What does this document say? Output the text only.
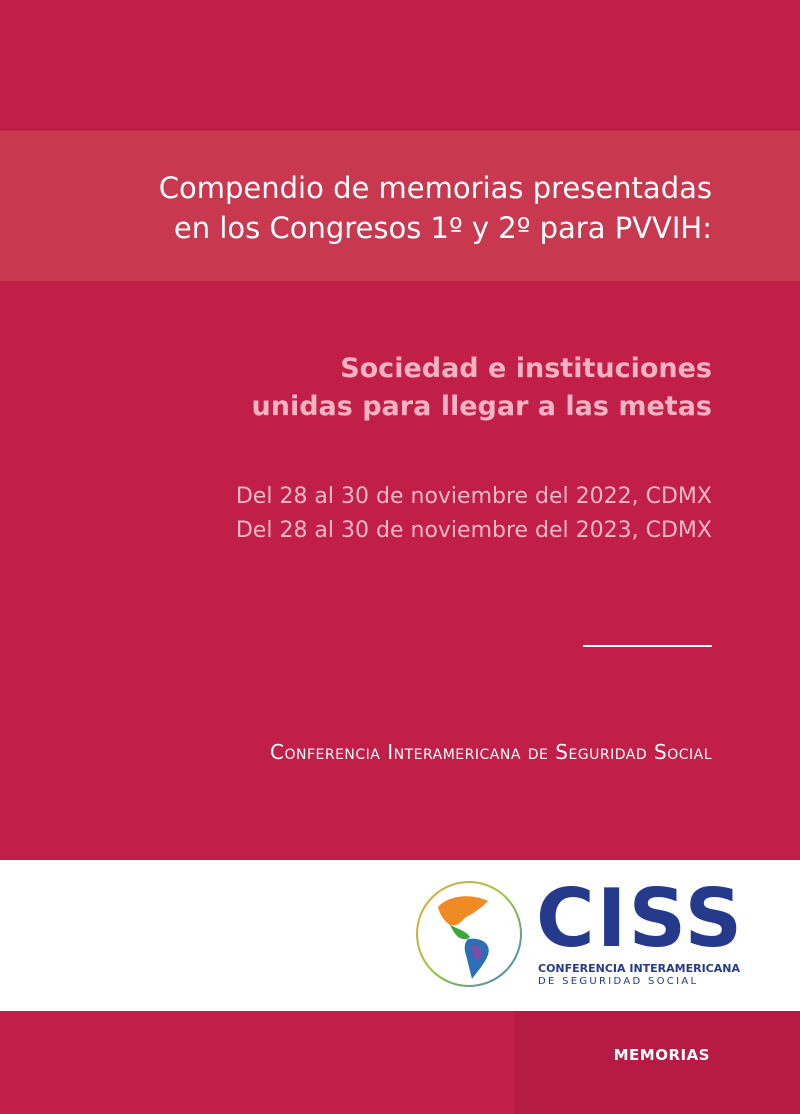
Compendio de memorias presentadas
en los Congresos 1º y 2º para PVVIH:
Sociedad e instituciones
unidas para llegar a las metas
Del 28 al 30 de noviembre del 2022, CDMX
Del 28 al 30 de noviembre del 2023, CDMX
Conferencia Interamericana de Seguridad Social
CISS
CONFERENCIA INTERAMERICANA
DE SEGURIDAD SOCIAL
MEMORIAS
